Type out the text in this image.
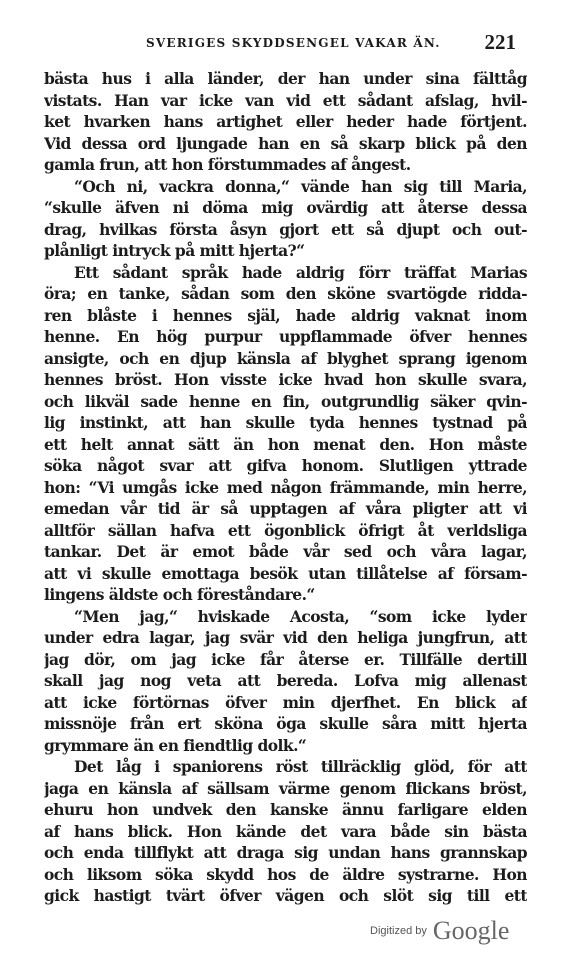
SVERIGES SKYDDSENGEL VAKAR ÄN. 221
bästa hus i alla länder, der han under sina fälttåg
vistats. Han var icke van vid ett sådant afslag, hvil-
ket hvarken hans artighet eller heder hade förtjent.
Vid dessa ord ljungade han en så skarp blick på den
gamla frun, att hon förstummades af ångest.
“Och ni, vackra donna,“ vände han sig till Maria,
“skulle äfven ni döma mig ovärdig att återse dessa
drag, hvilkas första åsyn gjort ett så djupt och out-
plånligt intryck på mitt hjerta?“
Ett sådant språk hade aldrig förr träffat Marias
öra; en tanke, sådan som den sköne svartögde ridda-
ren blåste i hennes själ, hade aldrig vaknat inom
henne. En hög purpur uppflammade öfver hennes
ansigte, och en djup känsla af blyghet sprang igenom
hennes bröst. Hon visste icke hvad hon skulle svara,
och likväl sade henne en fin, outgrundlig säker qvin-
lig instinkt, att han skulle tyda hennes tystnad på
ett helt annat sätt än hon menat den. Hon måste
söka något svar att gifva honom. Slutligen yttrade
hon: “Vi umgås icke med någon främmande, min herre,
emedan vår tid är så upptagen af våra pligter att vi
alltför sällan hafva ett ögonblick öfrigt åt verldsliga
tankar. Det är emot både vår sed och våra lagar,
att vi skulle emottaga besök utan tillåtelse af försam-
lingens äldste och föreståndare.“
“Men jag,“ hviskade Acosta, “som icke lyder
under edra lagar, jag svär vid den heliga jungfrun, att
jag dör, om jag icke får återse er. Tillfälle dertill
skall jag nog veta att bereda. Lofva mig allenast
att icke förtörnas öfver min djerfhet. En blick af
missnöje från ert sköna öga skulle såra mitt hjerta
grymmare än en fiendtlig dolk.“
Det låg i spaniorens röst tillräcklig glöd, för att
jaga en känsla af sällsam värme genom flickans bröst,
ehuru hon undvek den kanske ännu farligare elden
af hans blick. Hon kände det vara både sin bästa
och enda tillflykt att draga sig undan hans grannskap
och liksom söka skydd hos de äldre systrarne. Hon
gick hastigt tvärt öfver vägen och slöt sig till ett
Digitized by Google
